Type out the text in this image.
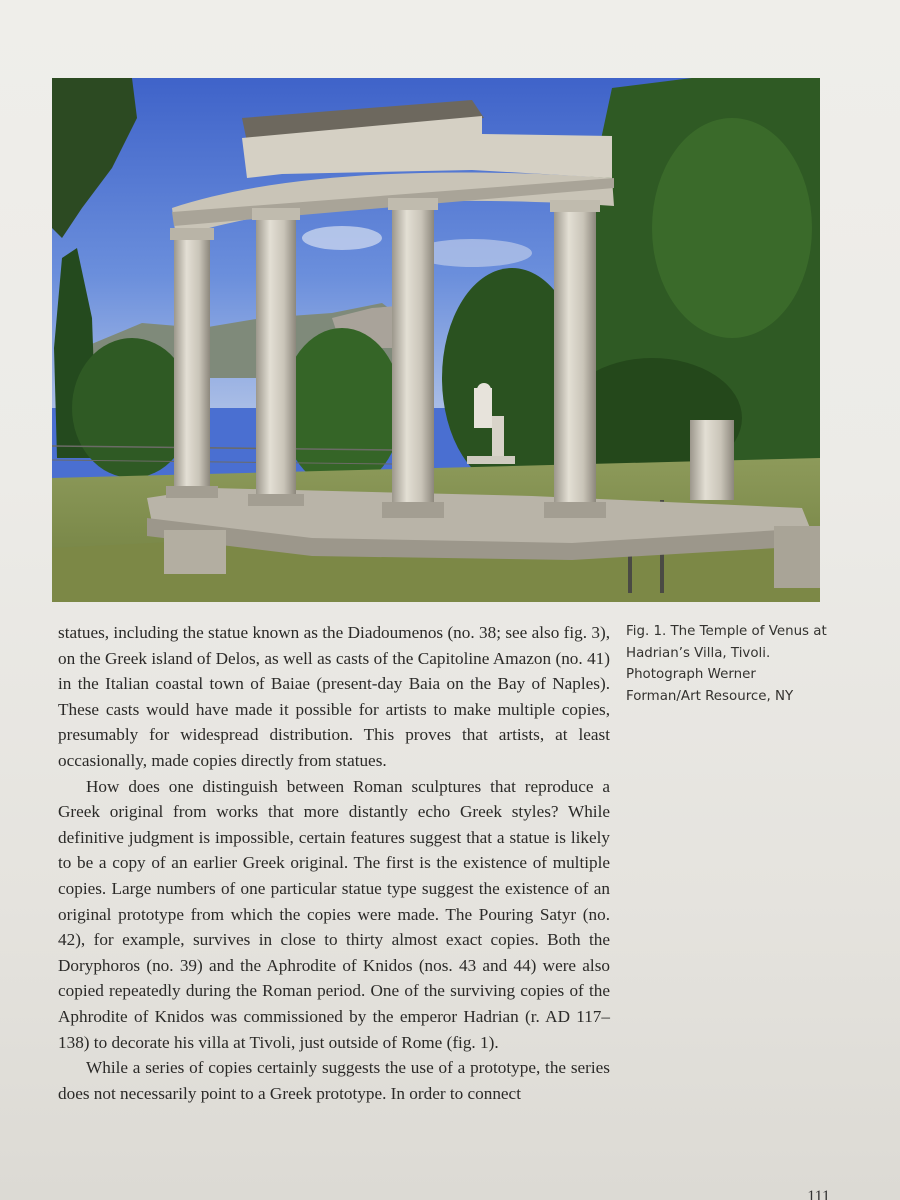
statues, including the statue known as the Diadoumenos (no. 38; see also fig. 3), on the Greek island of Delos, as well as casts of the Capitoline Amazon (no. 41) in the Italian coastal town of Baiae (present-day Baia on the Bay of Naples). These casts would have made it possible for artists to make multiple copies, presumably for widespread distribution. This proves that artists, at least occasionally, made copies directly from statues.

How does one distinguish between Roman sculptures that reproduce a Greek original from works that more distantly echo Greek styles? While definitive judgment is impossible, certain features suggest that a statue is likely to be a copy of an earlier Greek original. The first is the existence of multiple copies. Large numbers of one particular statue type suggest the existence of an original prototype from which the copies were made. The Pouring Satyr (no. 42), for example, survives in close to thirty almost exact copies. Both the Doryphoros (no. 39) and the Aphrodite of Knidos (nos. 43 and 44) were also copied repeatedly during the Roman period. One of the surviving copies of the Aphrodite of Knidos was commissioned by the emperor Hadrian (r. AD 117–138) to decorate his villa at Tivoli, just outside of Rome (fig. 1).

While a series of copies certainly suggests the use of a prototype, the series does not necessarily point to a Greek prototype. In order to connect

Fig. 1. The Temple of Venus at
Hadrian’s Villa, Tivoli.
Photograph Werner
Forman/Art Resource, NY
111
